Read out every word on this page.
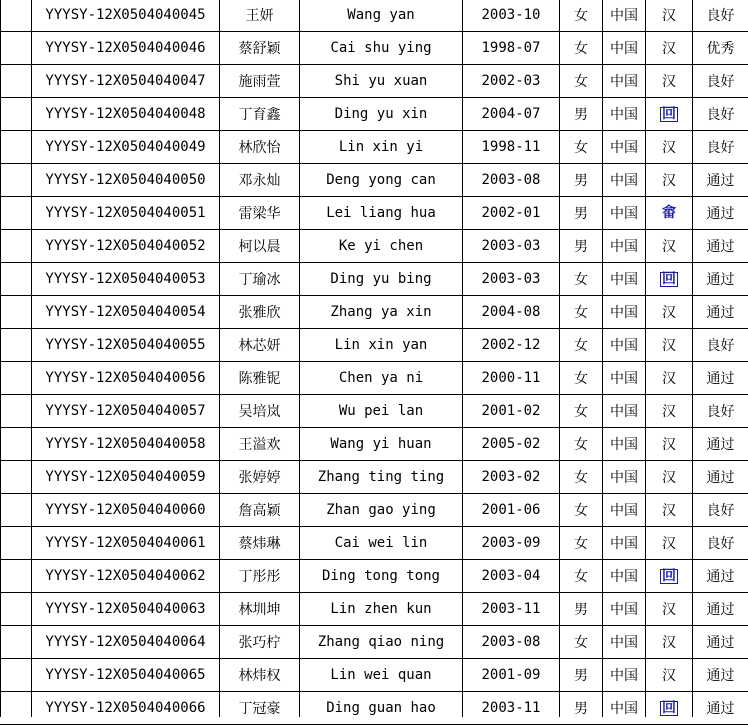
	YYYSY-12X0504040045	王妍	Wang yan	2003-10	女	中国	汉	良好
	YYYSY-12X0504040046	蔡舒颖	Cai shu ying	1998-07	女	中国	汉	优秀
	YYYSY-12X0504040047	施雨萱	Shi yu xuan	2002-03	女	中国	汉	良好
	YYYSY-12X0504040048	丁育鑫	Ding yu xin	2004-07	男	中国	回	良好
	YYYSY-12X0504040049	林欣怡	Lin xin yi	1998-11	女	中国	汉	良好
	YYYSY-12X0504040050	邓永灿	Deng yong can	2003-08	男	中国	汉	通过
	YYYSY-12X0504040051	雷梁华	Lei liang hua	2002-01	男	中国	畲	通过
	YYYSY-12X0504040052	柯以晨	Ke yi chen	2003-03	男	中国	汉	通过
	YYYSY-12X0504040053	丁瑜冰	Ding yu bing	2003-03	女	中国	回	通过
	YYYSY-12X0504040054	张雅欣	Zhang ya xin	2004-08	女	中国	汉	通过
	YYYSY-12X0504040055	林芯妍	Lin xin yan	2002-12	女	中国	汉	良好
	YYYSY-12X0504040056	陈雅铌	Chen ya ni	2000-11	女	中国	汉	通过
	YYYSY-12X0504040057	吴培岚	Wu pei lan	2001-02	女	中国	汉	良好
	YYYSY-12X0504040058	王溢欢	Wang yi huan	2005-02	女	中国	汉	通过
	YYYSY-12X0504040059	张婷婷	Zhang ting ting	2003-02	女	中国	汉	通过
	YYYSY-12X0504040060	詹高颖	Zhan gao ying	2001-06	女	中国	汉	良好
	YYYSY-12X0504040061	蔡炜琳	Cai wei lin	2003-09	女	中国	汉	良好
	YYYSY-12X0504040062	丁彤彤	Ding tong tong	2003-04	女	中国	回	通过
	YYYSY-12X0504040063	林圳坤	Lin zhen kun	2003-11	男	中国	汉	通过
	YYYSY-12X0504040064	张巧柠	Zhang qiao ning	2003-08	女	中国	汉	通过
	YYYSY-12X0504040065	林炜权	Lin wei quan	2001-09	男	中国	汉	通过
	YYYSY-12X0504040066	丁冠豪	Ding guan hao	2003-11	男	中国	回	通过
